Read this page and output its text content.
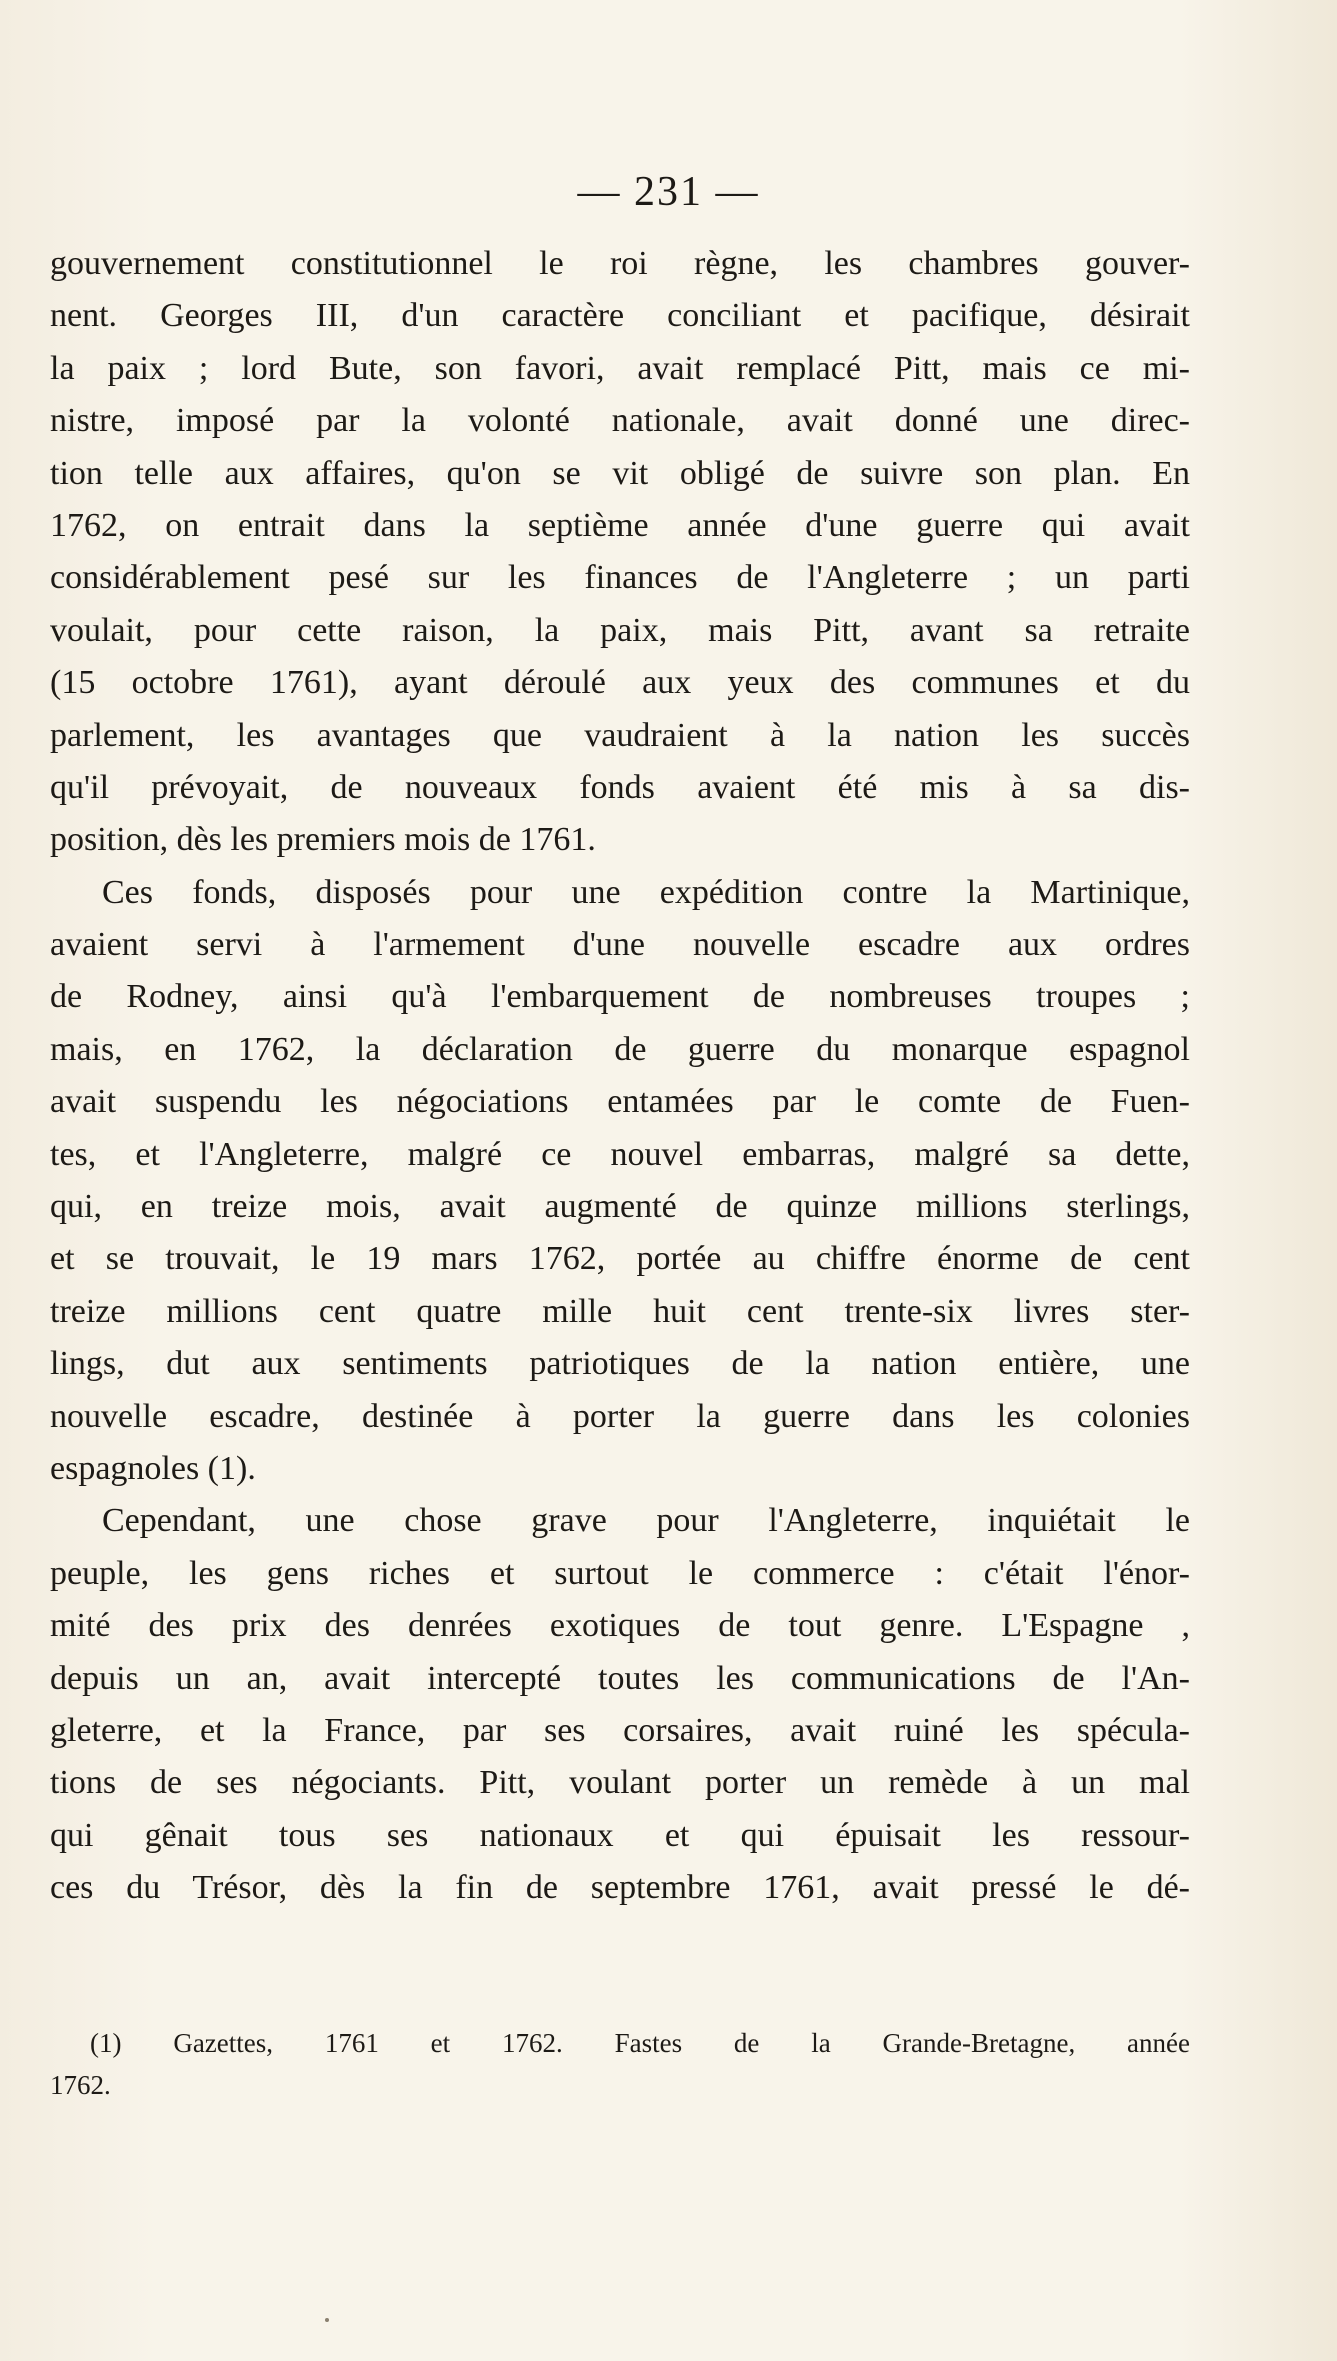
— 231 —
gouvernement constitutionnel le roi règne, les chambres gouver-
nent. Georges III, d'un caractère conciliant et pacifique, désirait
la paix ; lord Bute, son favori, avait remplacé Pitt, mais ce mi-
nistre, imposé par la volonté nationale, avait donné une direc-
tion telle aux affaires, qu'on se vit obligé de suivre son plan. En
1762, on entrait dans la septième année d'une guerre qui avait
considérablement pesé sur les finances de l'Angleterre ; un parti
voulait, pour cette raison, la paix, mais Pitt, avant sa retraite
(15 octobre 1761), ayant déroulé aux yeux des communes et du
parlement, les avantages que vaudraient à la nation les succès
qu'il prévoyait, de nouveaux fonds avaient été mis à sa dis-
position, dès les premiers mois de 1761.
Ces fonds, disposés pour une expédition contre la Martinique,
avaient servi à l'armement d'une nouvelle escadre aux ordres
de Rodney, ainsi qu'à l'embarquement de nombreuses troupes ;
mais, en 1762, la déclaration de guerre du monarque espagnol
avait suspendu les négociations entamées par le comte de Fuen-
tes, et l'Angleterre, malgré ce nouvel embarras, malgré sa dette,
qui, en treize mois, avait augmenté de quinze millions sterlings,
et se trouvait, le 19 mars 1762, portée au chiffre énorme de cent
treize millions cent quatre mille huit cent trente-six livres ster-
lings, dut aux sentiments patriotiques de la nation entière, une
nouvelle escadre, destinée à porter la guerre dans les colonies
espagnoles (1).
Cependant, une chose grave pour l'Angleterre, inquiétait le
peuple, les gens riches et surtout le commerce : c'était l'énor-
mité des prix des denrées exotiques de tout genre. L'Espagne ,
depuis un an, avait intercepté toutes les communications de l'An-
gleterre, et la France, par ses corsaires, avait ruiné les spécula-
tions de ses négociants. Pitt, voulant porter un remède à un mal
qui gênait tous ses nationaux et qui épuisait les ressour-
ces du Trésor, dès la fin de septembre 1761, avait pressé le dé-
(1) Gazettes, 1761 et 1762. Fastes de la Grande-Bretagne, année
1762.
